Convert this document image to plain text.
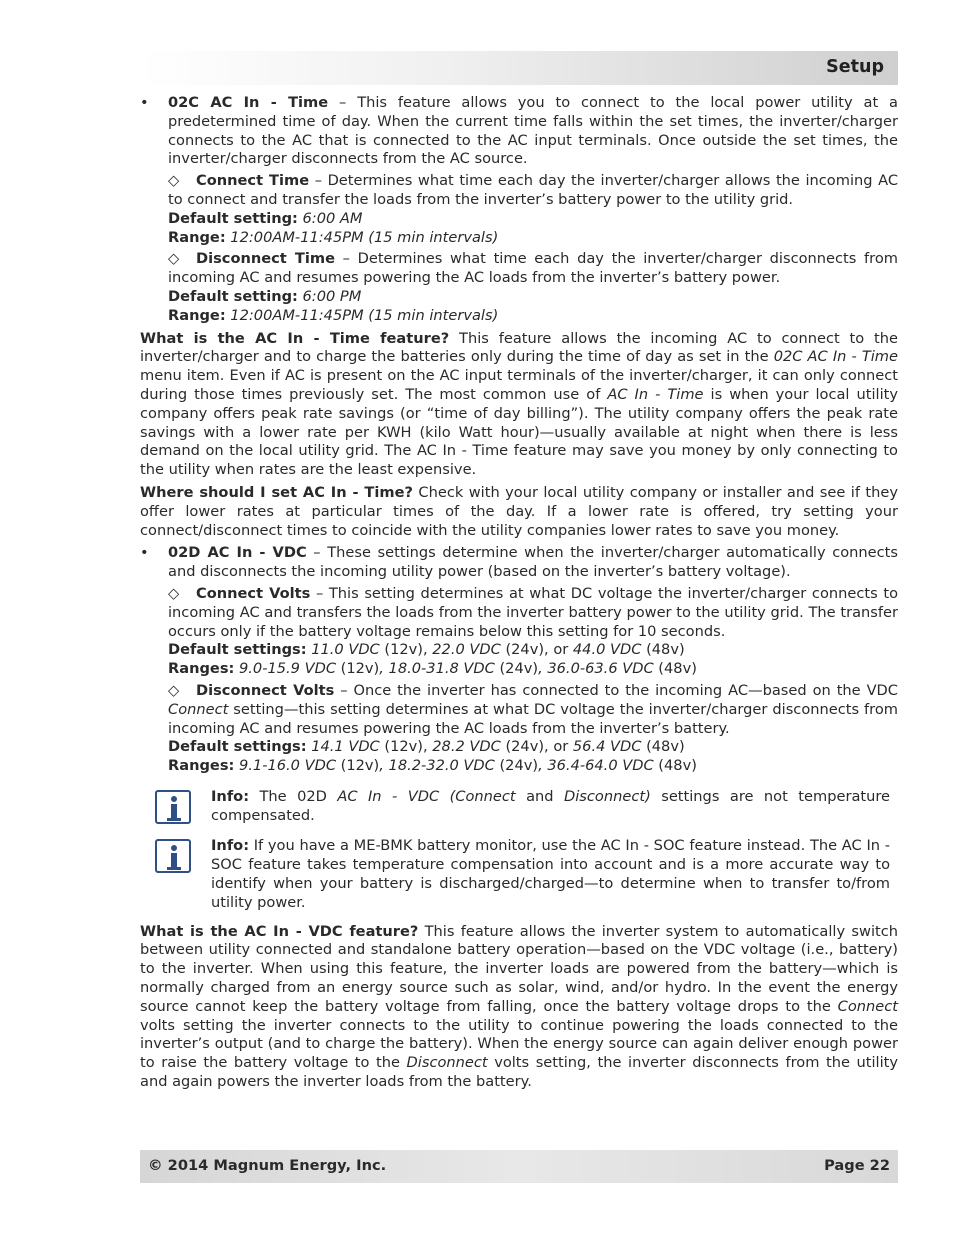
Setup
• 02C AC In - Time – This feature allows you to connect to the local power utility at a predetermined time of day. When the current time falls within the set times, the inverter/charger connects to the AC that is connected to the AC input terminals. Once outside the set times, the inverter/charger disconnects from the AC source.

◇ Connect Time – Determines what time each day the inverter/charger allows the incoming AC to connect and transfer the loads from the inverter’s battery power to the utility grid.

Default setting: 6:00 AM

Range: 12:00AM-11:45PM (15 min intervals)

◇ Disconnect Time – Determines what time each day the inverter/charger disconnects from incoming AC and resumes powering the AC loads from the inverter’s battery power.

Default setting: 6:00 PM

Range: 12:00AM-11:45PM (15 min intervals)

What is the AC In - Time feature? This feature allows the incoming AC to connect to the inverter/charger and to charge the batteries only during the time of day as set in the 02C AC In - Time menu item. Even if AC is present on the AC input terminals of the inverter/charger, it can only connect during those times previously set. The most common use of AC In - Time is when your local utility company offers peak rate savings (or “time of day billing”). The utility company offers the peak rate savings with a lower rate per KWH (kilo Watt hour)—usually available at night when there is less demand on the local utility grid. The AC In - Time feature may save you money by only connecting to the utility when rates are the least expensive.

Where should I set AC In - Time? Check with your local utility company or installer and see if they offer lower rates at particular times of the day. If a lower rate is offered, try setting your connect/disconnect times to coincide with the utility companies lower rates to save you money.

• 02D AC In - VDC – These settings determine when the inverter/charger automatically connects and disconnects the incoming utility power (based on the inverter’s battery voltage).

◇ Connect Volts – This setting determines at what DC voltage the inverter/charger connects to incoming AC and transfers the loads from the inverter battery power to the utility grid. The transfer occurs only if the battery voltage remains below this setting for 10 seconds.

Default settings: 11.0 VDC (12v), 22.0 VDC (24v), or 44.0 VDC (48v)

Ranges: 9.0-15.9 VDC (12v), 18.0-31.8 VDC (24v), 36.0-63.6 VDC (48v)

◇ Disconnect Volts – Once the inverter has connected to the incoming AC—based on the VDC Connect setting—this setting determines at what DC voltage the inverter/charger disconnects from incoming AC and resumes powering the AC loads from the inverter’s battery.

Default settings: 14.1 VDC (12v), 28.2 VDC (24v), or 56.4 VDC (48v)

Ranges: 9.1-16.0 VDC (12v), 18.2-32.0 VDC (24v), 36.4-64.0 VDC (48v)

Info: The 02D AC In - VDC (Connect and Disconnect) settings are not temperature compensated.

Info: If you have a ME-BMK battery monitor, use the AC In - SOC feature instead. The AC In - SOC feature takes temperature compensation into account and is a more accurate way to identify when your battery is discharged/charged—to determine when to transfer to/from utility power.

What is the AC In - VDC feature? This feature allows the inverter system to automatically switch between utility connected and standalone battery operation—based on the VDC voltage (i.e., battery) to the inverter. When using this feature, the inverter loads are powered from the battery—which is normally charged from an energy source such as solar, wind, and/or hydro. In the event the energy source cannot keep the battery voltage from falling, once the battery voltage drops to the Connect volts setting the inverter connects to the utility to continue powering the loads connected to the inverter’s output (and to charge the battery). When the energy source can again deliver enough power to raise the battery voltage to the Disconnect volts setting, the inverter disconnects from the utility and again powers the inverter loads from the battery.

© 2014 Magnum Energy, Inc.	Page 22
